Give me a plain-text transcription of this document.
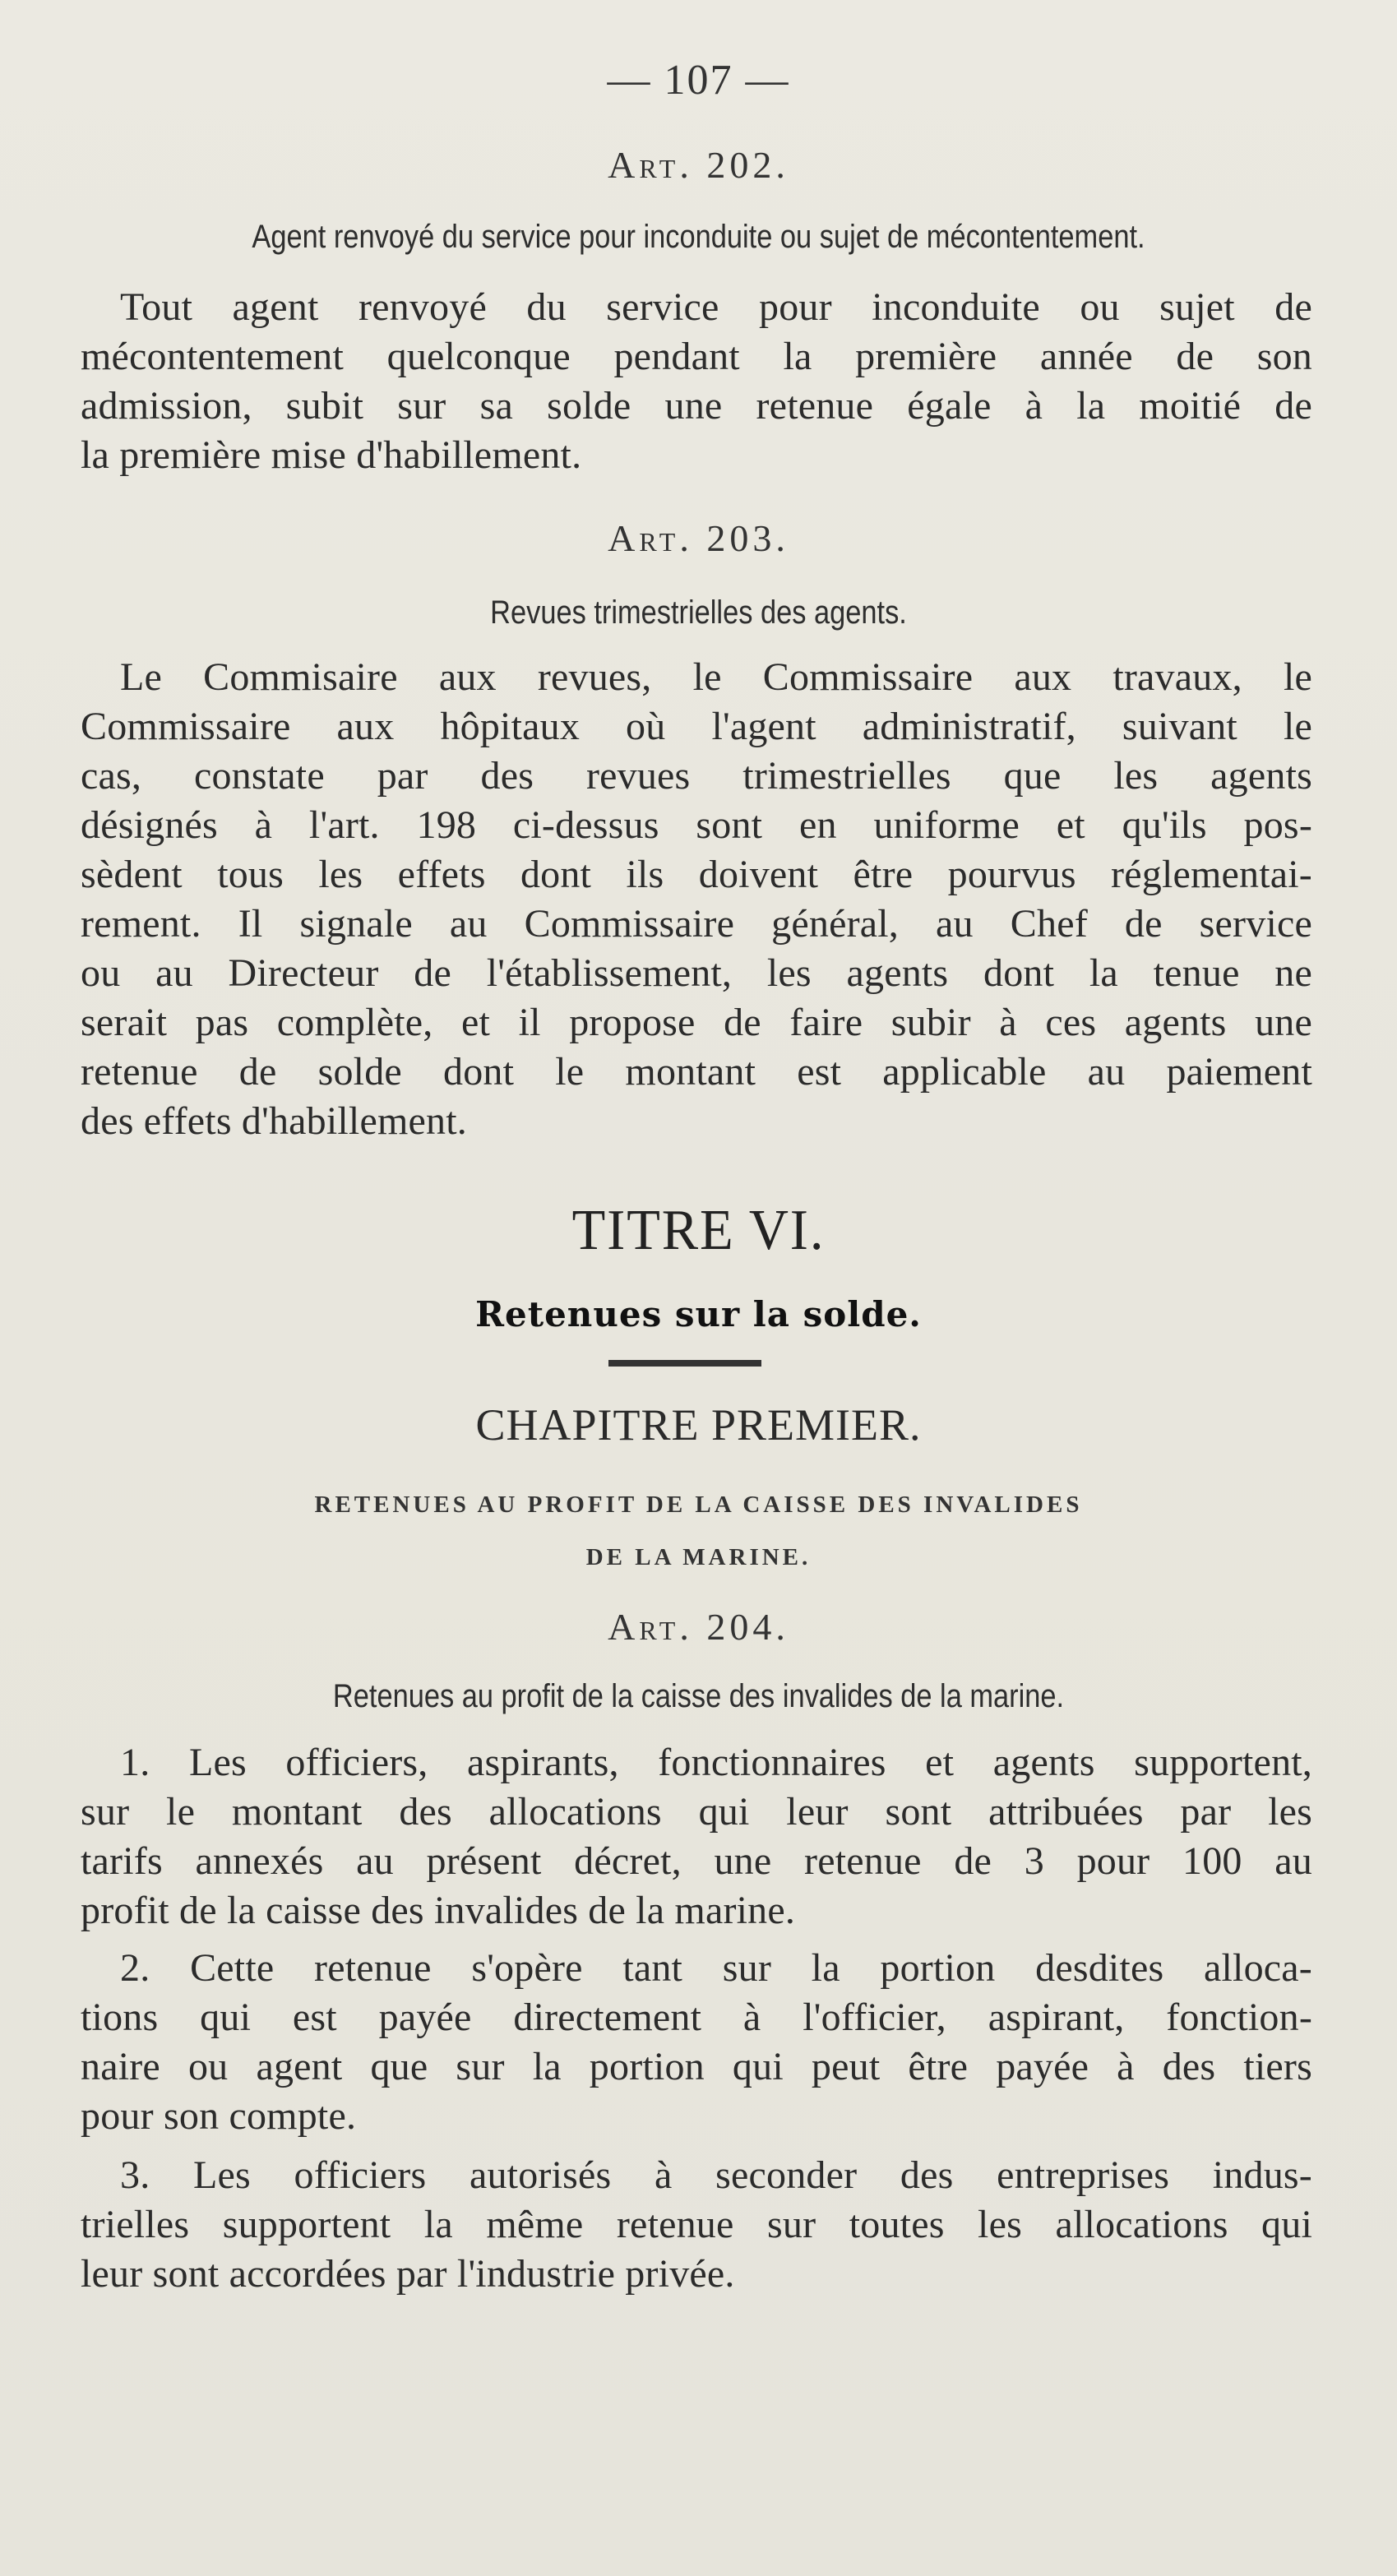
— 107 —
Art. 202.
Agent renvoyé du service pour inconduite ou sujet de mécontentement.
Tout agent renvoyé du service pour inconduite ou sujet de
mécontentement quelconque pendant la première année de son
admission, subit sur sa solde une retenue égale à la moitié de
la première mise d'habillement.
Art. 203.
Revues trimestrielles des agents.
Le Commisaire aux revues, le Commissaire aux travaux, le
Commissaire aux hôpitaux où l'agent administratif, suivant le
cas, constate par des revues trimestrielles que les agents
désignés à l'art. 198 ci-dessus sont en uniforme et qu'ils pos-
sèdent tous les effets dont ils doivent être pourvus réglementai-
rement. Il signale au Commissaire général, au Chef de service
ou au Directeur de l'établissement, les agents dont la tenue ne
serait pas complète, et il propose de faire subir à ces agents une
retenue de solde dont le montant est applicable au paiement
des effets d'habillement.
TITRE VI.
Retenues sur la solde.
CHAPITRE PREMIER.
RETENUES AU PROFIT DE LA CAISSE DES INVALIDES
DE LA MARINE.
Art. 204.
Retenues au profit de la caisse des invalides de la marine.
1. Les officiers, aspirants, fonctionnaires et agents supportent,
sur le montant des allocations qui leur sont attribuées par les
tarifs annexés au présent décret, une retenue de 3 pour 100 au
profit de la caisse des invalides de la marine.
2. Cette retenue s'opère tant sur la portion desdites alloca-
tions qui est payée directement à l'officier, aspirant, fonction-
naire ou agent que sur la portion qui peut être payée à des tiers
pour son compte.
3. Les officiers autorisés à seconder des entreprises indus-
trielles supportent la même retenue sur toutes les allocations qui
leur sont accordées par l'industrie privée.
